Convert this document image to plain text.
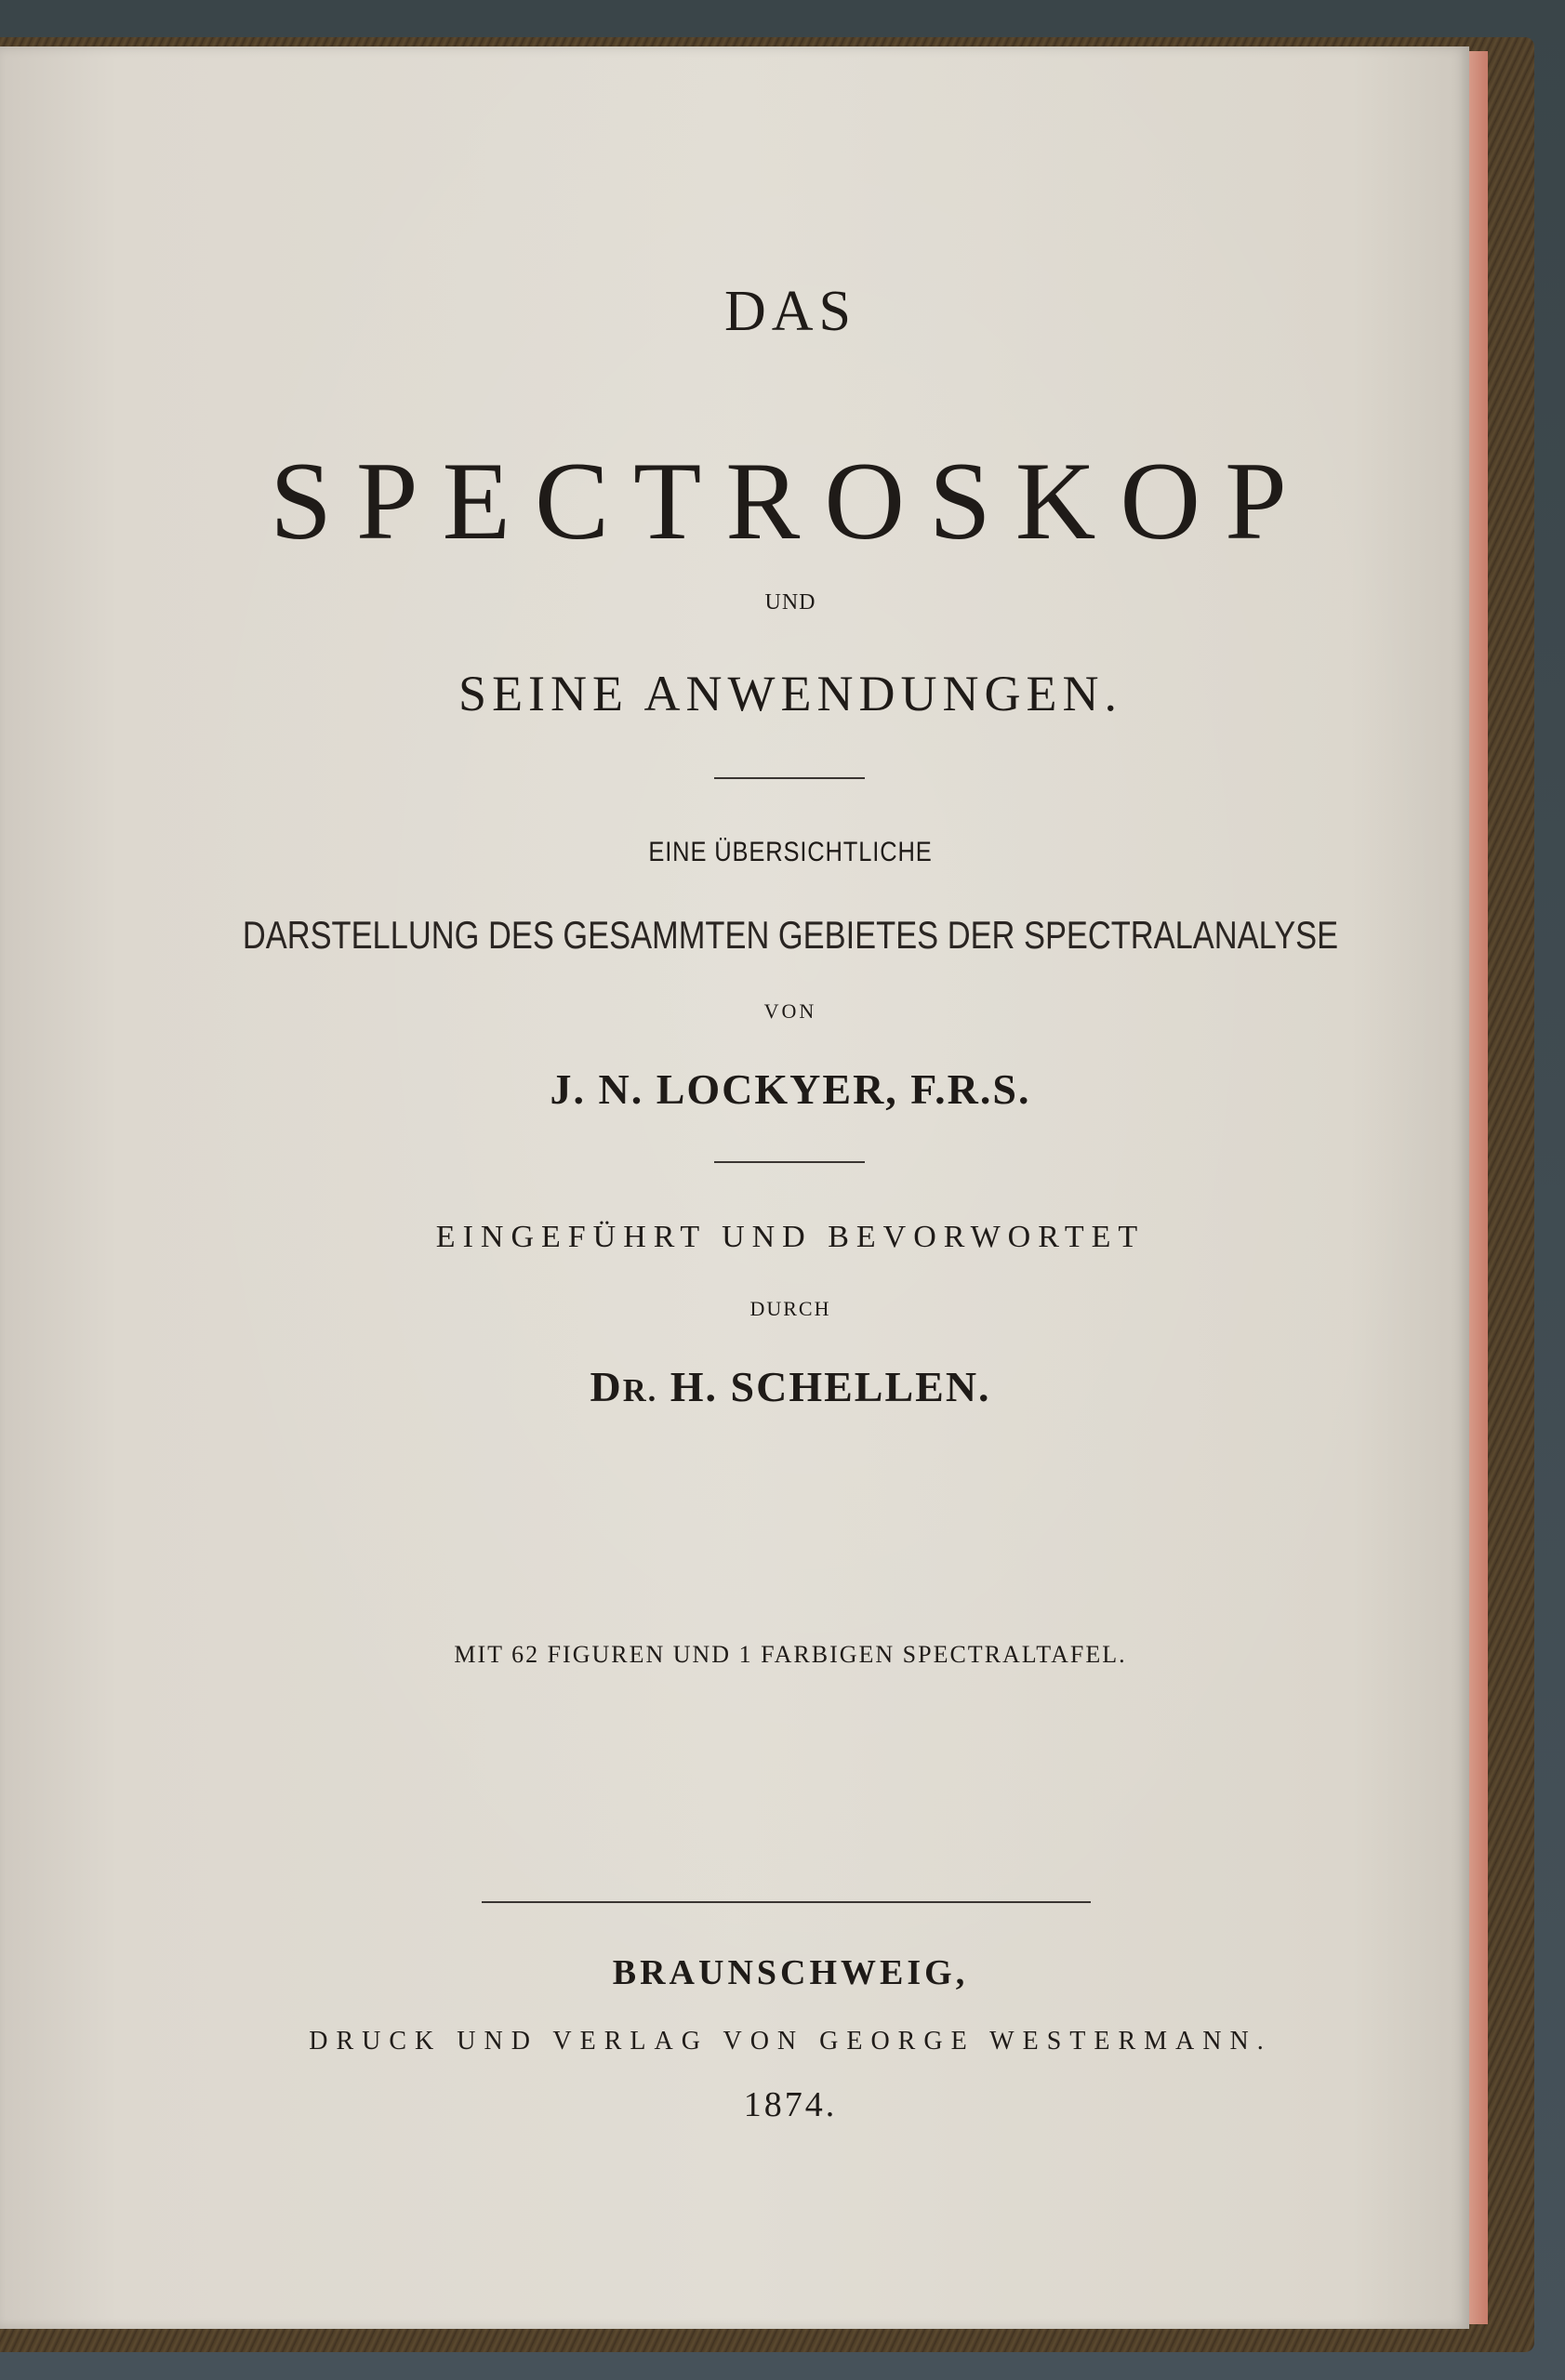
DAS
SPECTROSKOP
UND
SEINE ANWENDUNGEN.
EINE ÜBERSICHTLICHE
DARSTELLUNG DES GESAMMTEN GEBIETES DER SPECTRALANALYSE
VON
J. N. LOCKYER, F.R.S.
EINGEFÜHRT UND BEVORWORTET
DURCH
DR. H. SCHELLEN.
MIT 62 FIGUREN UND 1 FARBIGEN SPECTRALTAFEL.
BRAUNSCHWEIG,
DRUCK UND VERLAG VON GEORGE WESTERMANN.
1874.
